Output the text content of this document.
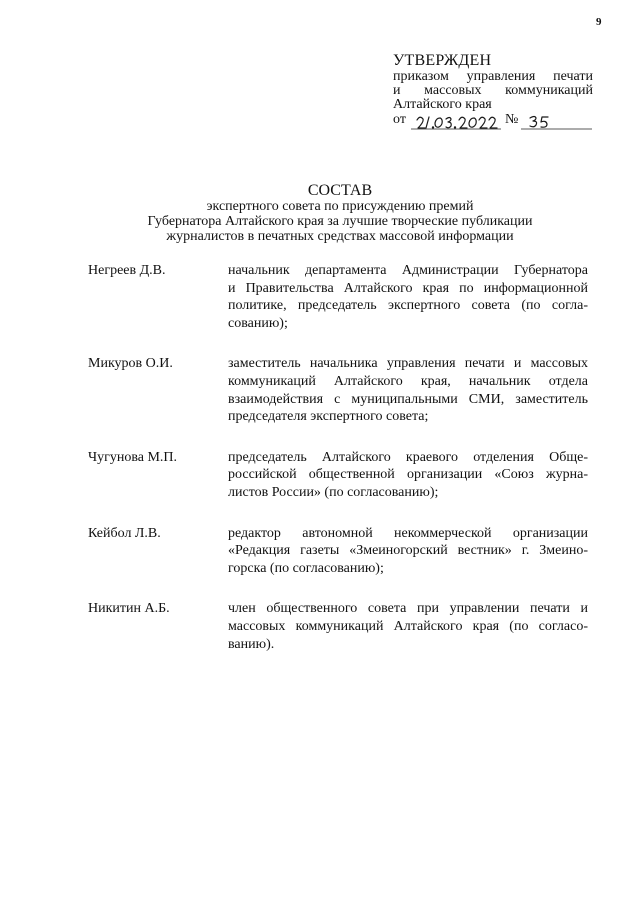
9
УТВЕРЖДЕН
приказом управления печати
и массовых коммуникаций
Алтайского края
от	№
СОСТАВ
экспертного совета по присуждению премий
Губернатора Алтайского края за лучшие творческие публикации
журналистов в печатных средствах массовой информации
Негреев Д.В.	начальник департамента Администрации Губернатора
и Правительства Алтайского края по информационной
политике, председатель экспертного совета (по согла-
сованию);
Микуров О.И.	заместитель начальника управления печати и массовых
коммуникаций Алтайского края, начальник отдела
взаимодействия с муниципальными СМИ, заместитель
председателя экспертного совета;
Чугунова М.П.	председатель Алтайского краевого отделения Обще-
российской общественной организации «Союз журна-
листов России» (по согласованию);
Кейбол Л.В.	редактор автономной некоммерческой организации
«Редакция газеты «Змеиногорский вестник» г. Змеино-
горска (по согласованию);
Никитин А.Б.	член общественного совета при управлении печати и
массовых коммуникаций Алтайского края (по согласо-
ванию).
